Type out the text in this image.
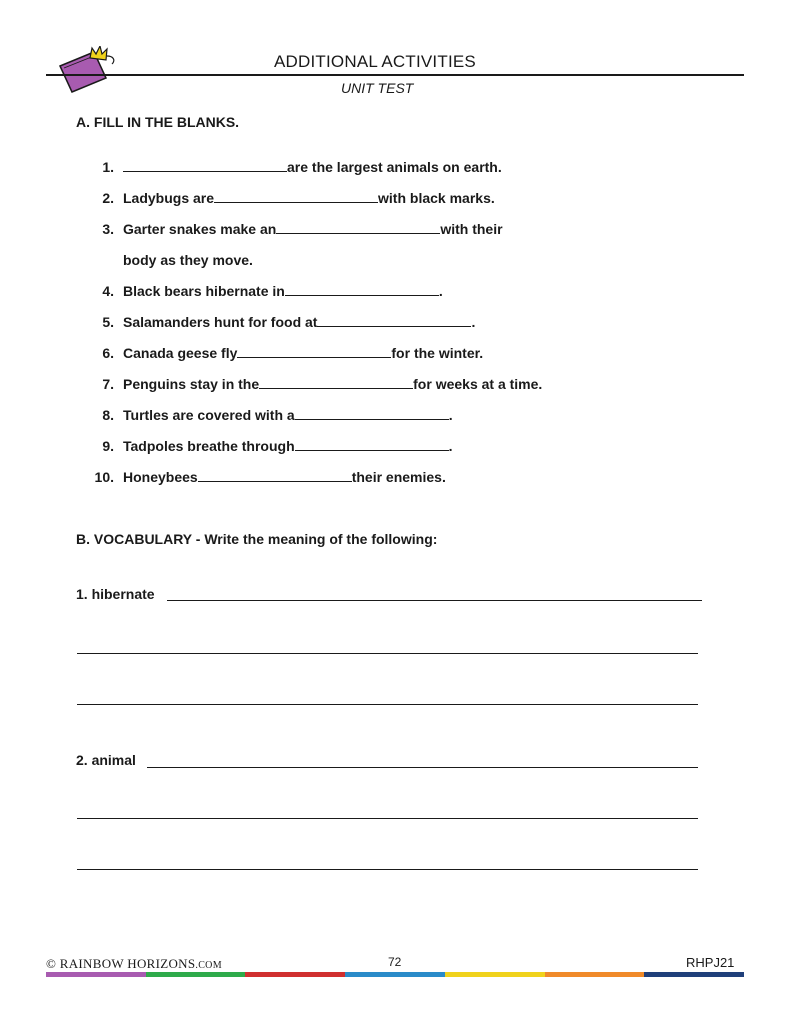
ADDITIONAL ACTIVITIES
UNIT TEST
A. FILL IN THE BLANKS.
1.	are the largest animals on earth.
2. Ladybugs are	with black marks.
3. Garter snakes make an	with their
body as they move.
4. Black bears hibernate in	.
5. Salamanders hunt for food at	.
6. Canada geese fly	for the winter.
7. Penguins stay in the	for weeks at a time.
8. Turtles are covered with a	.
9. Tadpoles breathe through	.
10. Honeybees	their enemies.
B. VOCABULARY - Write the meaning of the following:
1. hibernate
2. animal
© RAINBOW HORIZONS.COM	72	RHPJ21
